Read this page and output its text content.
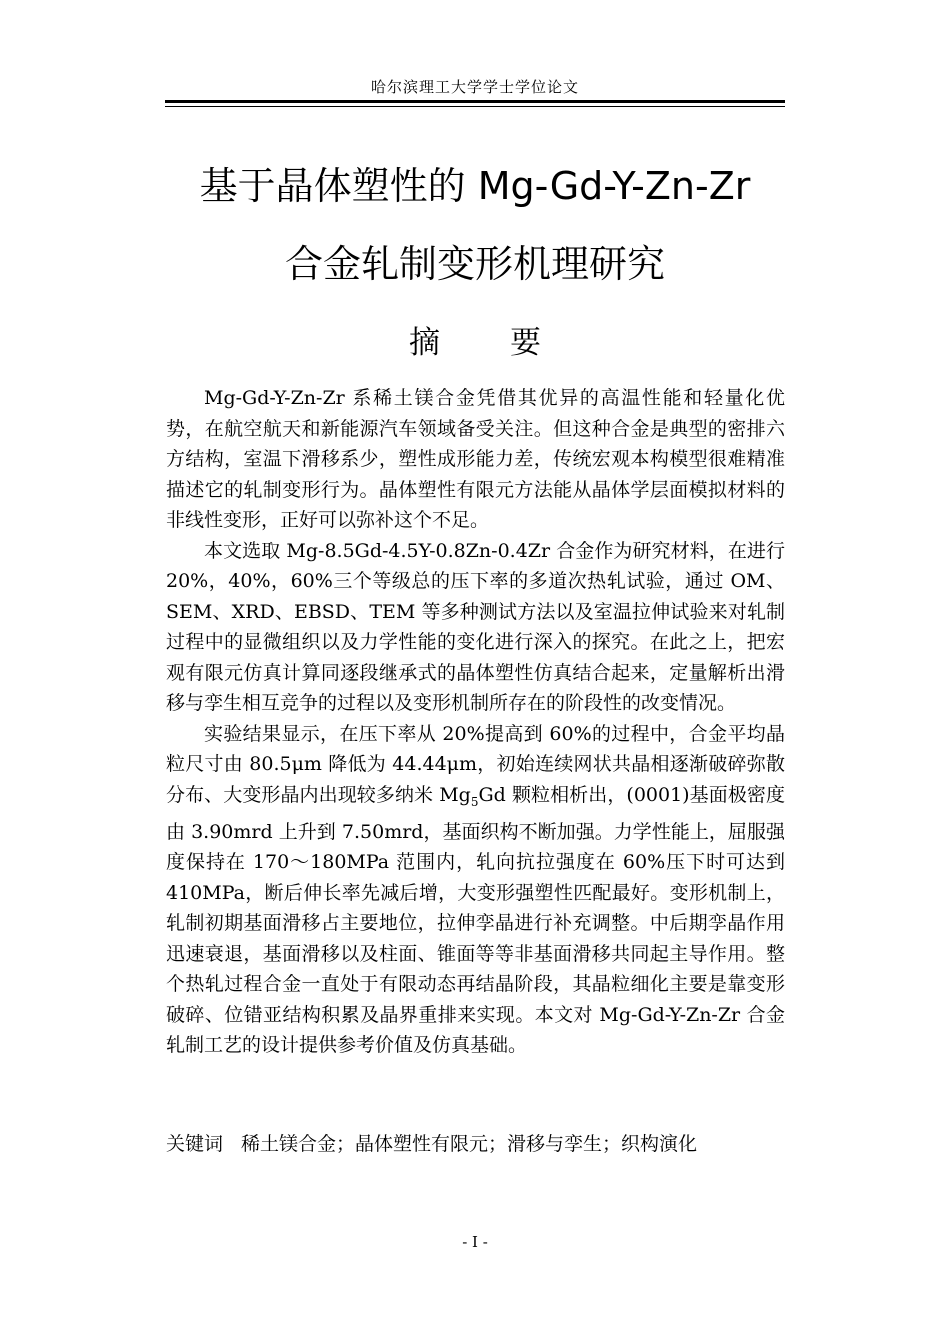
哈尔滨理工大学学士学位论文
基于晶体塑性的 Mg-Gd-Y-Zn-Zr
合金轧制变形机理研究
摘要

Mg-Gd-Y-Zn-Zr 系稀土镁合金凭借其优异的高温性能和轻量化优势，在航空航天和新能源汽车领域备受关注。但这种合金是典型的密排六方结构，室温下滑移系少，塑性成形能力差，传统宏观本构模型很难精准描述它的轧制变形行为。晶体塑性有限元方法能从晶体学层面模拟材料的非线性变形，正好可以弥补这个不足。

本文选取 Mg-8.5Gd-4.5Y-0.8Zn-0.4Zr 合金作为研究材料，在进行 20%，40%，60%三个等级总的压下率的多道次热轧试验，通过 OM、SEM、XRD、EBSD、TEM 等多种测试方法以及室温拉伸试验来对轧制过程中的显微组织以及力学性能的变化进行深入的探究。在此之上，把宏观有限元仿真计算同逐段继承式的晶体塑性仿真结合起来，定量解析出滑移与孪生相互竞争的过程以及变形机制所存在的阶段性的改变情况。

实验结果显示，在压下率从 20%提高到 60%的过程中，合金平均晶粒尺寸由 80.5μm 降低为 44.44μm，初始连续网状共晶相逐渐破碎弥散分布、大变形晶内出现较多纳米 $Mg_5Gd$ 颗粒相析出，(0001)基面极密度由 3.90mrd 上升到 7.50mrd，基面织构不断加强。力学性能上，屈服强度保持在 170～180MPa 范围内，轧向抗拉强度在 60%压下时可达到 410MPa，断后伸长率先减后增，大变形强塑性匹配最好。变形机制上，轧制初期基面滑移占主要地位，拉伸孪晶进行补充调整。中后期孪晶作用迅速衰退，基面滑移以及柱面、锥面等等非基面滑移共同起主导作用。整个热轧过程合金一直处于有限动态再结晶阶段，其晶粒细化主要是靠变形破碎、位错亚结构积累及晶界重排来实现。本文对 Mg-Gd-Y-Zn-Zr 合金轧制工艺的设计提供参考价值及仿真基础。

关键词 稀土镁合金；晶体塑性有限元；滑移与孪生；织构演化
- I -
